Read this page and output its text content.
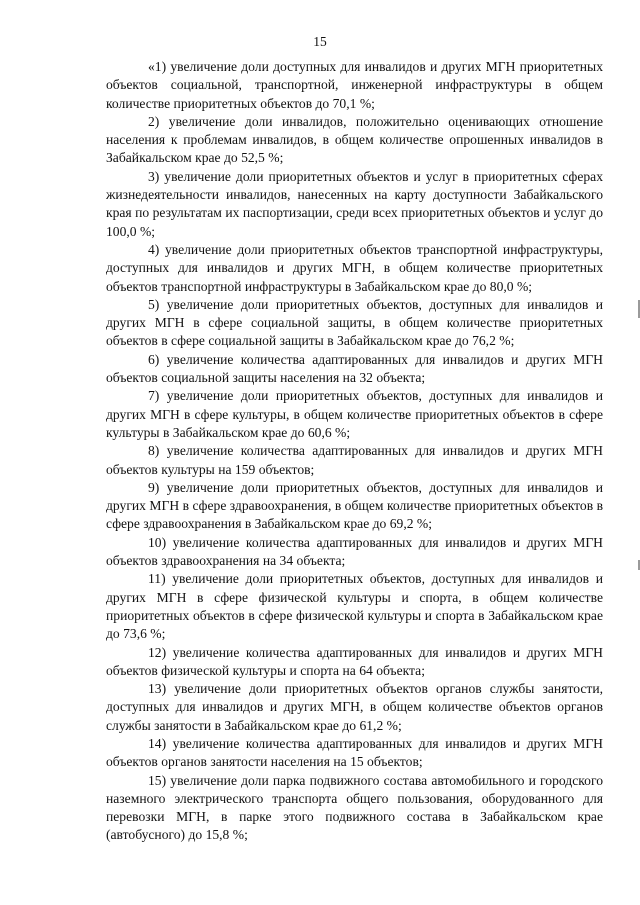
15

«1) увеличение доли доступных для инвалидов и других МГН приоритетных объектов социальной, транспортной, инженерной инфраструктуры в общем количестве приоритетных объектов до 70,1 %;

2) увеличение доли инвалидов, положительно оценивающих отношение населения к проблемам инвалидов, в общем количестве опрошенных инвалидов в Забайкальском крае до 52,5 %;

3) увеличение доли приоритетных объектов и услуг в приоритетных сферах жизнедеятельности инвалидов, нанесенных на карту доступности Забайкальского края по результатам их паспортизации, среди всех приоритетных объектов и услуг до 100,0 %;

4) увеличение доли приоритетных объектов транспортной инфраструктуры, доступных для инвалидов и других МГН, в общем количестве приоритетных объектов транспортной инфраструктуры в Забайкальском крае до 80,0 %;

5) увеличение доли приоритетных объектов, доступных для инвалидов и других МГН в сфере социальной защиты, в общем количестве приоритетных объектов в сфере социальной защиты в Забайкальском крае до 76,2 %;

6) увеличение количества адаптированных для инвалидов и других МГН объектов социальной защиты населения на 32 объекта;

7) увеличение доли приоритетных объектов, доступных для инвалидов и других МГН в сфере культуры, в общем количестве приоритетных объектов в сфере культуры в Забайкальском крае до 60,6 %;

8) увеличение количества адаптированных для инвалидов и других МГН объектов культуры на 159 объектов;

9) увеличение доли приоритетных объектов, доступных для инвалидов и других МГН в сфере здравоохранения, в общем количестве приоритетных объектов в сфере здравоохранения в Забайкальском крае до 69,2 %;

10) увеличение количества адаптированных для инвалидов и других МГН объектов здравоохранения на 34 объекта;

11) увеличение доли приоритетных объектов, доступных для инвалидов и других МГН в сфере физической культуры и спорта, в общем количестве приоритетных объектов в сфере физической культуры и спорта в Забайкальском крае до 73,6 %;

12) увеличение количества адаптированных для инвалидов и других МГН объектов физической культуры и спорта на 64 объекта;

13) увеличение доли приоритетных объектов органов службы занятости, доступных для инвалидов и других МГН, в общем количестве объектов органов службы занятости в Забайкальском крае до 61,2 %;

14) увеличение количества адаптированных для инвалидов и других МГН объектов органов занятости населения на 15 объектов;

15) увеличение доли парка подвижного состава автомобильного и городского наземного электрического транспорта общего пользования, оборудованного для перевозки МГН, в парке этого подвижного состава в Забайкальском крае (автобусного) до 15,8 %;
